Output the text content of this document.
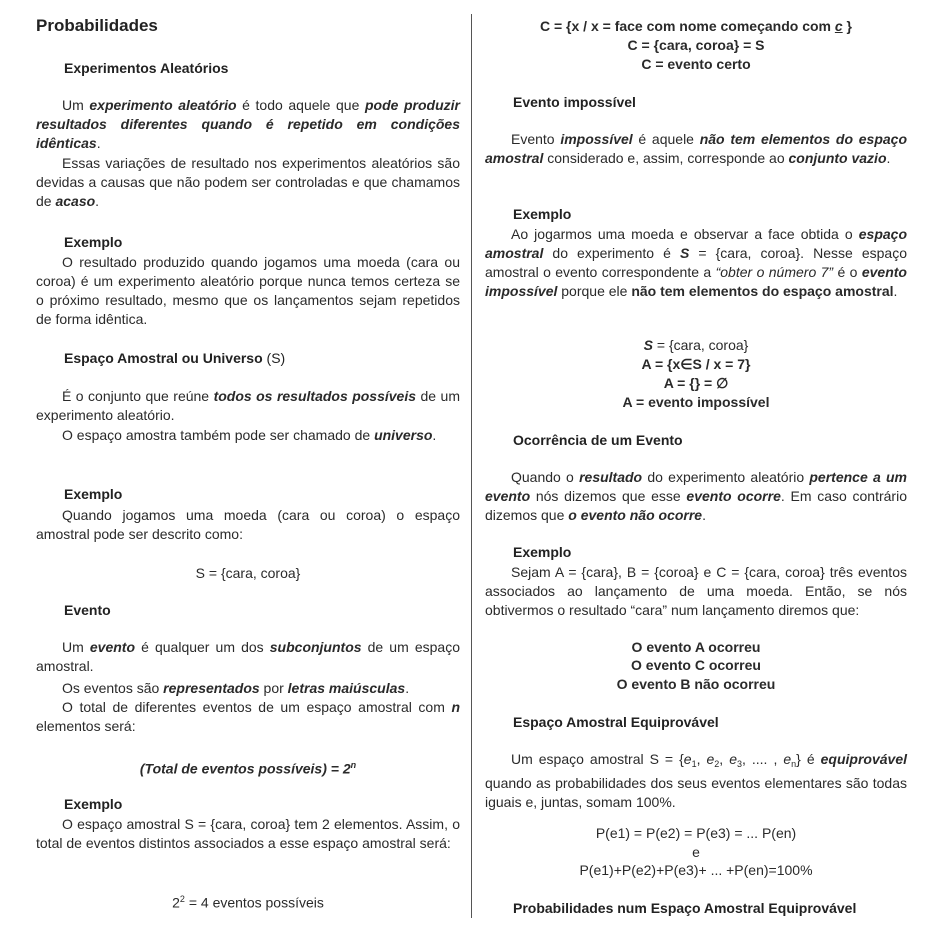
Probabilidades
Experimentos Aleatórios
Um experimento aleatório é todo aquele que pode produzir resultados diferentes quando é repetido em condições idênticas.
Essas variações de resultado nos experimentos aleatórios são devidas a causas que não podem ser controladas e que chamamos de acaso.
Exemplo
O resultado produzido quando jogamos uma moeda (cara ou coroa) é um experimento aleatório porque nunca temos certeza se o próximo resultado, mesmo que os lançamentos sejam repetidos de forma idêntica.
Espaço Amostral ou Universo (S)
É o conjunto que reúne todos os resultados possíveis de um experimento aleatório.
O espaço amostra também pode ser chamado de universo.
Exemplo
Quando jogamos uma moeda (cara ou coroa) o espaço amostral pode ser descrito como:
S = {cara, coroa}
Evento
Um evento é qualquer um dos subconjuntos de um espaço amostral.
Os eventos são representados por letras maiúsculas.
O total de diferentes eventos de um espaço amostral com n elementos será:
(Total de eventos possíveis) = $2^n$
Exemplo
O espaço amostral S = {cara, coroa} tem 2 elementos. Assim, o total de eventos distintos associados a esse espaço amostral será:
$2^2 = 4$ eventos possíveis
C = {x / x = face com nome começando com c }
C = {cara, coroa} = S
C = evento certo
Evento impossível
Evento impossível é aquele não tem elementos do espaço amostral considerado e, assim, corresponde ao conjunto vazio.
Exemplo
Ao jogarmos uma moeda e observar a face obtida o espaço amostral do experimento é S = {cara, coroa}. Nesse espaço amostral o evento correspondente a “obter o número 7” é o evento impossível porque ele não tem elementos do espaço amostral.
S = {cara, coroa}
A = {x∈S / x = 7}
A = {} = ∅
A = evento impossível
Ocorrência de um Evento
Quando o resultado do experimento aleatório pertence a um evento nós dizemos que esse evento ocorre. Em caso contrário dizemos que o evento não ocorre.
Exemplo
Sejam A = {cara}, B = {coroa} e C = {cara, coroa} três eventos associados ao lançamento de uma moeda. Então, se nós obtivermos o resultado “cara” num lançamento diremos que:
O evento A ocorreu
O evento C ocorreu
O evento B não ocorreu
Espaço Amostral Equiprovável
Um espaço amostral $S = \{e_1$, $e_2$, $e_3$, .... , $e_n$} é equiprovável quando as probabilidades dos seus eventos elementares são todas iguais e, juntas, somam 100%.
P(e1) = P(e2) = P(e3) = ... P(en)
e
P(e1)+P(e2)+P(e3)+ ... +P(en)=100%
Probabilidades num Espaço Amostral Equiprovável
